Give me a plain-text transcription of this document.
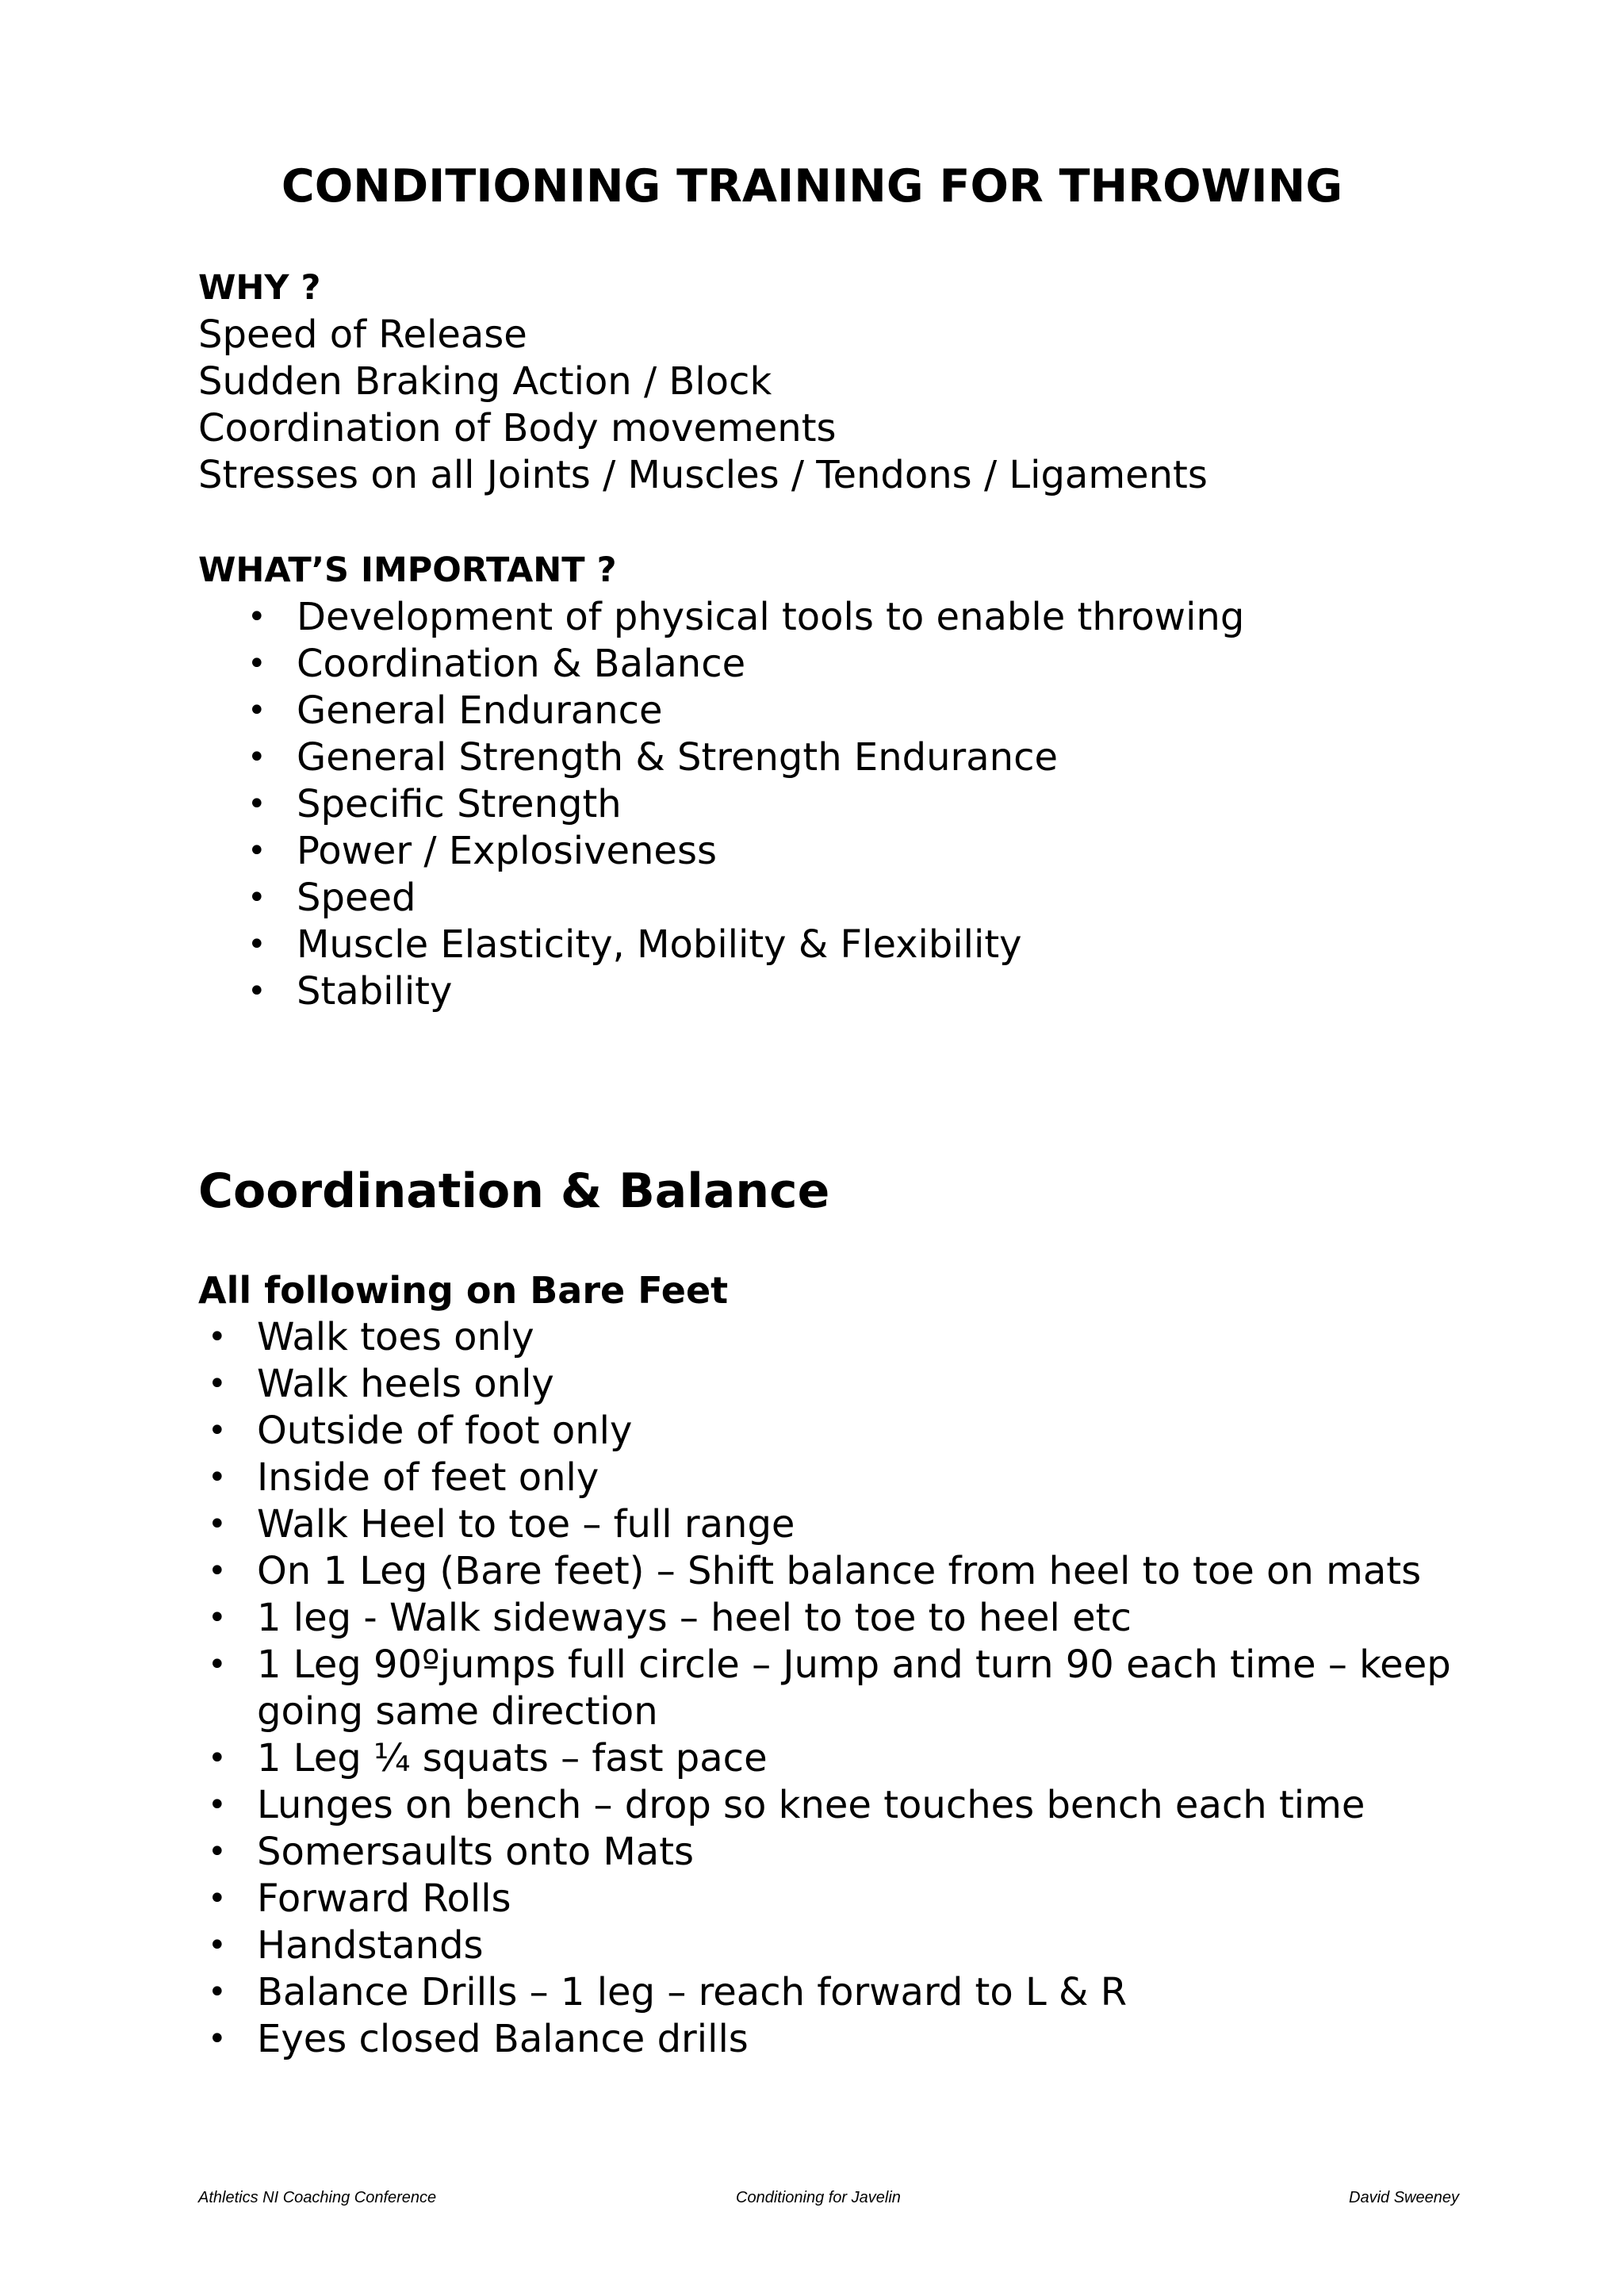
CONDITIONING TRAINING FOR THROWING
WHY ?
Speed of Release
Sudden Braking Action / Block
Coordination of Body movements
Stresses on all Joints / Muscles / Tendons / Ligaments
WHAT’S IMPORTANT ?
• Development of physical tools to enable throwing
• Coordination & Balance
• General Endurance
• General Strength & Strength Endurance
• Specific Strength
• Power / Explosiveness
• Speed
• Muscle Elasticity, Mobility & Flexibility
• Stability
Coordination & Balance
All following on Bare Feet
• Walk toes only
• Walk heels only
• Outside of foot only
• Inside of feet only
• Walk Heel to toe – full range
• On 1 Leg (Bare feet) – Shift balance from heel to toe on mats
• 1 leg - Walk sideways – heel to toe to heel etc
• 1 Leg 90ºjumps full circle – Jump and turn 90 each time – keep going same direction
• 1 Leg ¼ squats – fast pace
• Lunges on bench – drop so knee touches bench each time
• Somersaults onto Mats
• Forward Rolls
• Handstands
• Balance Drills – 1 leg – reach forward to L & R
• Eyes closed Balance drills
Athletics NI Coaching Conference	Conditioning for Javelin	David Sweeney
